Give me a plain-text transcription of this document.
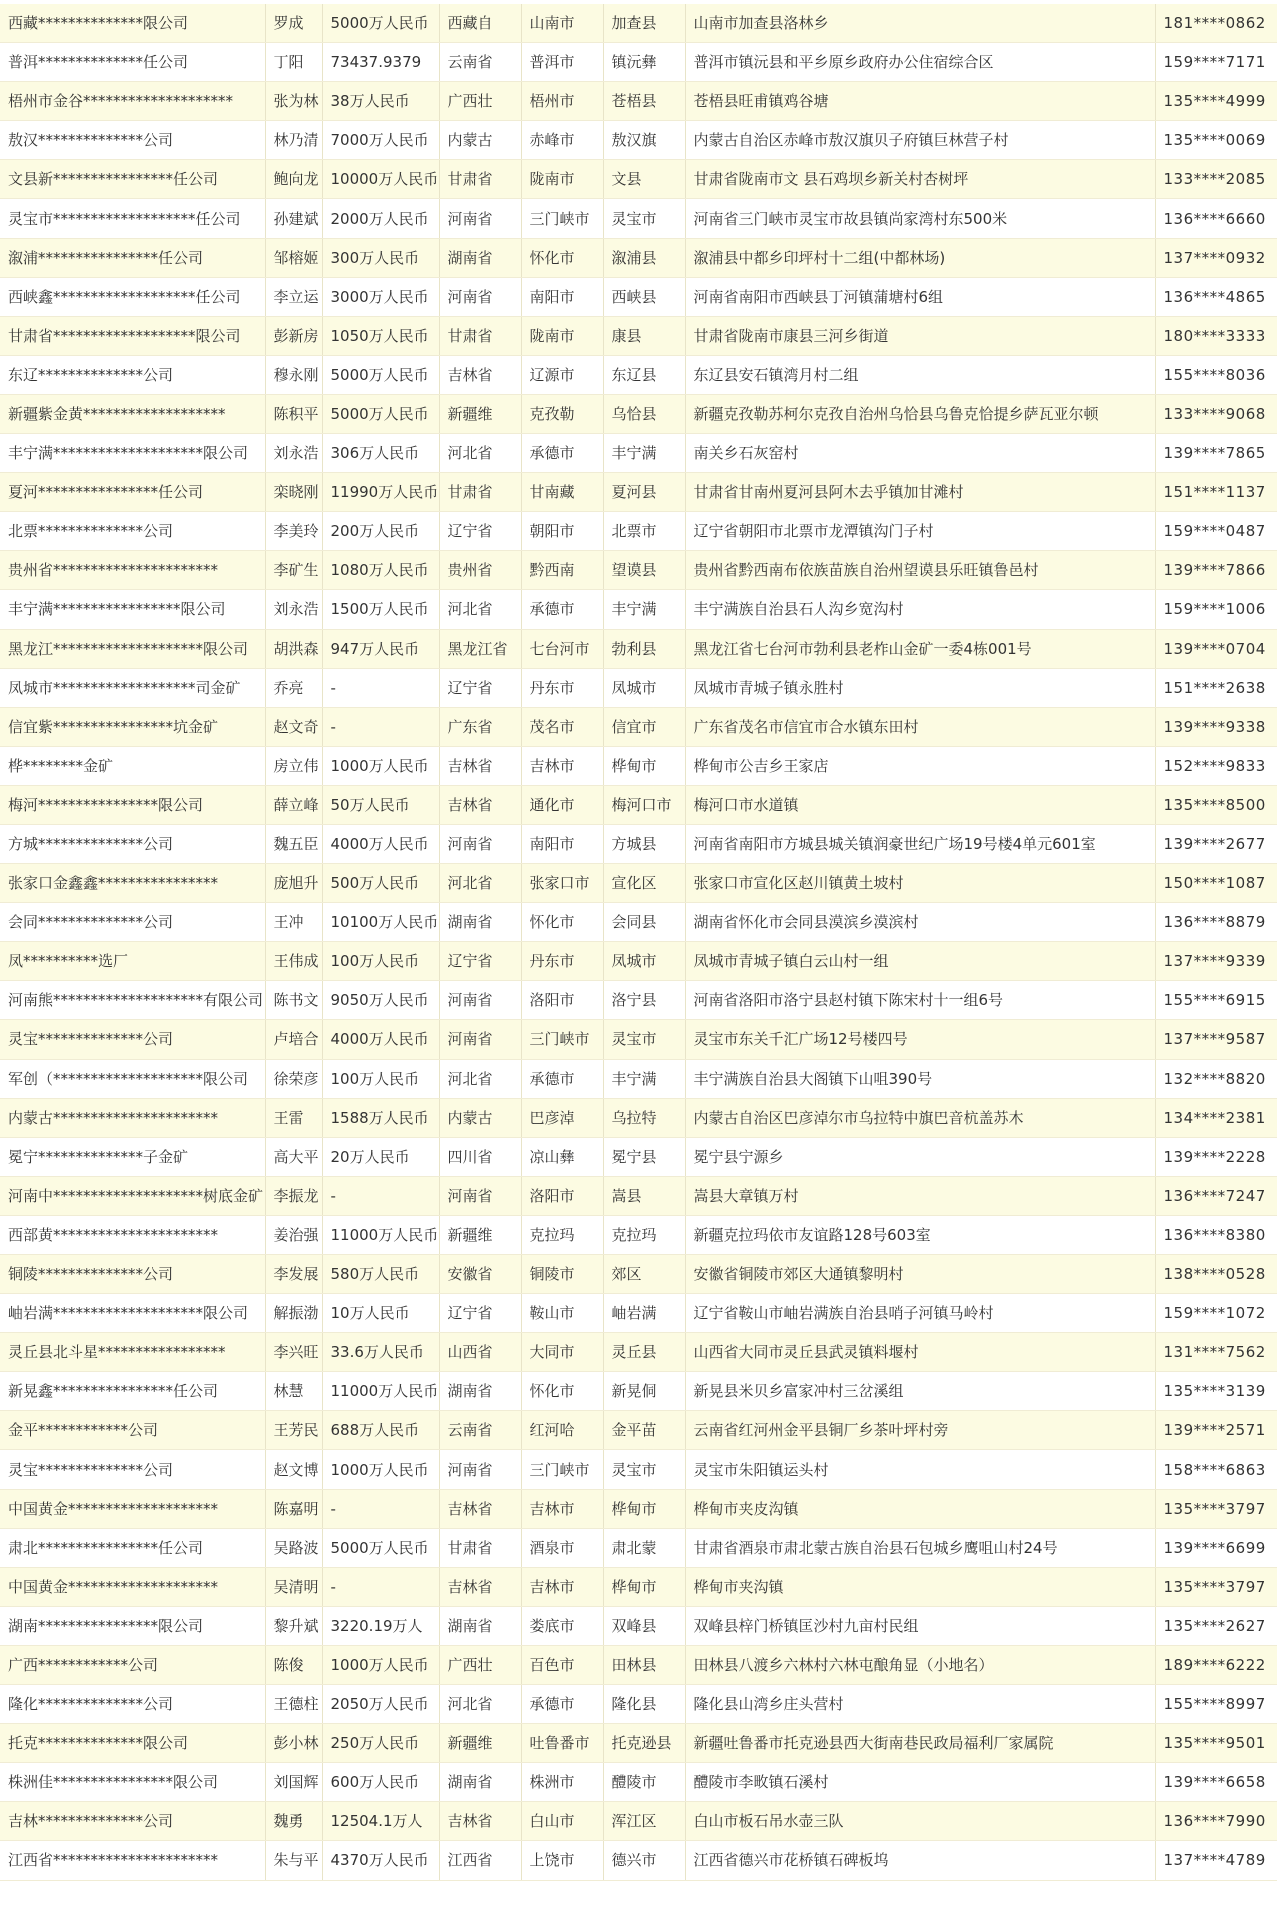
西藏**************限公司	罗成	5000万人民币	西藏自	山南市	加查县	山南市加查县洛林乡	181****0862
普洱**************任公司	丁阳	73437.9379	云南省	普洱市	镇沅彝	普洱市镇沅县和平乡原乡政府办公住宿综合区	159****7171
梧州市金谷********************	张为林	38万人民币	广西壮	梧州市	苍梧县	苍梧县旺甫镇鸡谷塘	135****4999
敖汉**************公司	林乃清	7000万人民币	内蒙古	赤峰市	敖汉旗	内蒙古自治区赤峰市敖汉旗贝子府镇巨林营子村	135****0069
文县新****************任公司	鲍向龙	10000万人民币	甘肃省	陇南市	文县	甘肃省陇南市文 县石鸡坝乡新关村杏树坪	133****2085
灵宝市*******************任公司	孙建斌	2000万人民币	河南省	三门峡市	灵宝市	河南省三门峡市灵宝市故县镇尚家湾村东500米	136****6660
溆浦****************任公司	邹榕姬	300万人民币	湖南省	怀化市	溆浦县	溆浦县中都乡印坪村十二组(中都林场)	137****0932
西峡鑫*******************任公司	李立运	3000万人民币	河南省	南阳市	西峡县	河南省南阳市西峡县丁河镇蒲塘村6组	136****4865
甘肃省*******************限公司	彭新房	1050万人民币	甘肃省	陇南市	康县	甘肃省陇南市康县三河乡街道	180****3333
东辽**************公司	穆永刚	5000万人民币	吉林省	辽源市	东辽县	东辽县安石镇湾月村二组	155****8036
新疆紫金黄*******************	陈积平	5000万人民币	新疆维	克孜勒	乌恰县	新疆克孜勒苏柯尔克孜自治州乌恰县乌鲁克恰提乡萨瓦亚尔顿	133****9068
丰宁满********************限公司	刘永浩	306万人民币	河北省	承德市	丰宁满	南关乡石灰窑村	139****7865
夏河****************任公司	栾晓刚	11990万人民币	甘肃省	甘南藏	夏河县	甘肃省甘南州夏河县阿木去乎镇加甘滩村	151****1137
北票**************公司	李美玲	200万人民币	辽宁省	朝阳市	北票市	辽宁省朝阳市北票市龙潭镇沟门子村	159****0487
贵州省**********************	李矿生	1080万人民币	贵州省	黔西南	望谟县	贵州省黔西南布依族苗族自治州望谟县乐旺镇鲁邑村	139****7866
丰宁满*****************限公司	刘永浩	1500万人民币	河北省	承德市	丰宁满	丰宁满族自治县石人沟乡宽沟村	159****1006
黑龙江********************限公司	胡洪森	947万人民币	黑龙江省	七台河市	勃利县	黑龙江省七台河市勃利县老柞山金矿一委4栋001号	139****0704
凤城市*******************司金矿	乔亮	-	辽宁省	丹东市	凤城市	凤城市青城子镇永胜村	151****2638
信宜紫****************坑金矿	赵文奇	-	广东省	茂名市	信宜市	广东省茂名市信宜市合水镇东田村	139****9338
桦********金矿	房立伟	1000万人民币	吉林省	吉林市	桦甸市	桦甸市公吉乡王家店	152****9833
梅河****************限公司	薛立峰	50万人民币	吉林省	通化市	梅河口市	梅河口市水道镇	135****8500
方城**************公司	魏五臣	4000万人民币	河南省	南阳市	方城县	河南省南阳市方城县城关镇润豪世纪广场19号楼4单元601室	139****2677
张家口金鑫鑫****************	庞旭升	500万人民币	河北省	张家口市	宣化区	张家口市宣化区赵川镇黄土坡村	150****1087
会同**************公司	王冲	10100万人民币	湖南省	怀化市	会同县	湖南省怀化市会同县漠滨乡漠滨村	136****8879
凤**********选厂	王伟成	100万人民币	辽宁省	丹东市	凤城市	凤城市青城子镇白云山村一组	137****9339
河南熊********************有限公司	陈书文	9050万人民币	河南省	洛阳市	洛宁县	河南省洛阳市洛宁县赵村镇下陈宋村十一组6号	155****6915
灵宝**************公司	卢培合	4000万人民币	河南省	三门峡市	灵宝市	灵宝市东关千汇广场12号楼四号	137****9587
军创（********************限公司	徐荣彦	100万人民币	河北省	承德市	丰宁满	丰宁满族自治县大阁镇下山咀390号	132****8820
内蒙古**********************	王雷	1588万人民币	内蒙古	巴彦淖	乌拉特	内蒙古自治区巴彦淖尔市乌拉特中旗巴音杭盖苏木	134****2381
冕宁**************子金矿	高大平	20万人民币	四川省	凉山彝	冕宁县	冕宁县宁源乡	139****2228
河南中********************树底金矿	李振龙	-	河南省	洛阳市	嵩县	嵩县大章镇万村	136****7247
西部黄**********************	姜治强	11000万人民币	新疆维	克拉玛	克拉玛	新疆克拉玛依市友谊路128号603室	136****8380
铜陵**************公司	李发展	580万人民币	安徽省	铜陵市	郊区	安徽省铜陵市郊区大通镇黎明村	138****0528
岫岩满********************限公司	解振渤	10万人民币	辽宁省	鞍山市	岫岩满	辽宁省鞍山市岫岩满族自治县哨子河镇马岭村	159****1072
灵丘县北斗星*****************	李兴旺	33.6万人民币	山西省	大同市	灵丘县	山西省大同市灵丘县武灵镇料堰村	131****7562
新晃鑫****************任公司	林慧	11000万人民币	湖南省	怀化市	新晃侗	新晃县米贝乡富家冲村三岔溪组	135****3139
金平************公司	王芳民	688万人民币	云南省	红河哈	金平苗	云南省红河州金平县铜厂乡茶叶坪村旁	139****2571
灵宝**************公司	赵文博	1000万人民币	河南省	三门峡市	灵宝市	灵宝市朱阳镇运头村	158****6863
中国黄金********************	陈嘉明	-	吉林省	吉林市	桦甸市	桦甸市夹皮沟镇	135****3797
肃北****************任公司	吴路波	5000万人民币	甘肃省	酒泉市	肃北蒙	甘肃省酒泉市肃北蒙古族自治县石包城乡鹰咀山村24号	139****6699
中国黄金********************	吴清明	-	吉林省	吉林市	桦甸市	桦甸市夹沟镇	135****3797
湖南****************限公司	黎升斌	3220.19万人	湖南省	娄底市	双峰县	双峰县梓门桥镇匡沙村九亩村民组	135****2627
广西************公司	陈俊	1000万人民币	广西壮	百色市	田林县	田林县八渡乡六林村六林屯酿角显（小地名）	189****6222
隆化**************公司	王德柱	2050万人民币	河北省	承德市	隆化县	隆化县山湾乡庄头营村	155****8997
托克**************限公司	彭小林	250万人民币	新疆维	吐鲁番市	托克逊县	新疆吐鲁番市托克逊县西大街南巷民政局福利厂家属院	135****9501
株洲佳****************限公司	刘国辉	600万人民币	湖南省	株洲市	醴陵市	醴陵市李畋镇石溪村	139****6658
吉林**************公司	魏勇	12504.1万人	吉林省	白山市	浑江区	白山市板石吊水壶三队	136****7990
江西省**********************	朱与平	4370万人民币	江西省	上饶市	德兴市	江西省德兴市花桥镇石碑板坞	137****4789
